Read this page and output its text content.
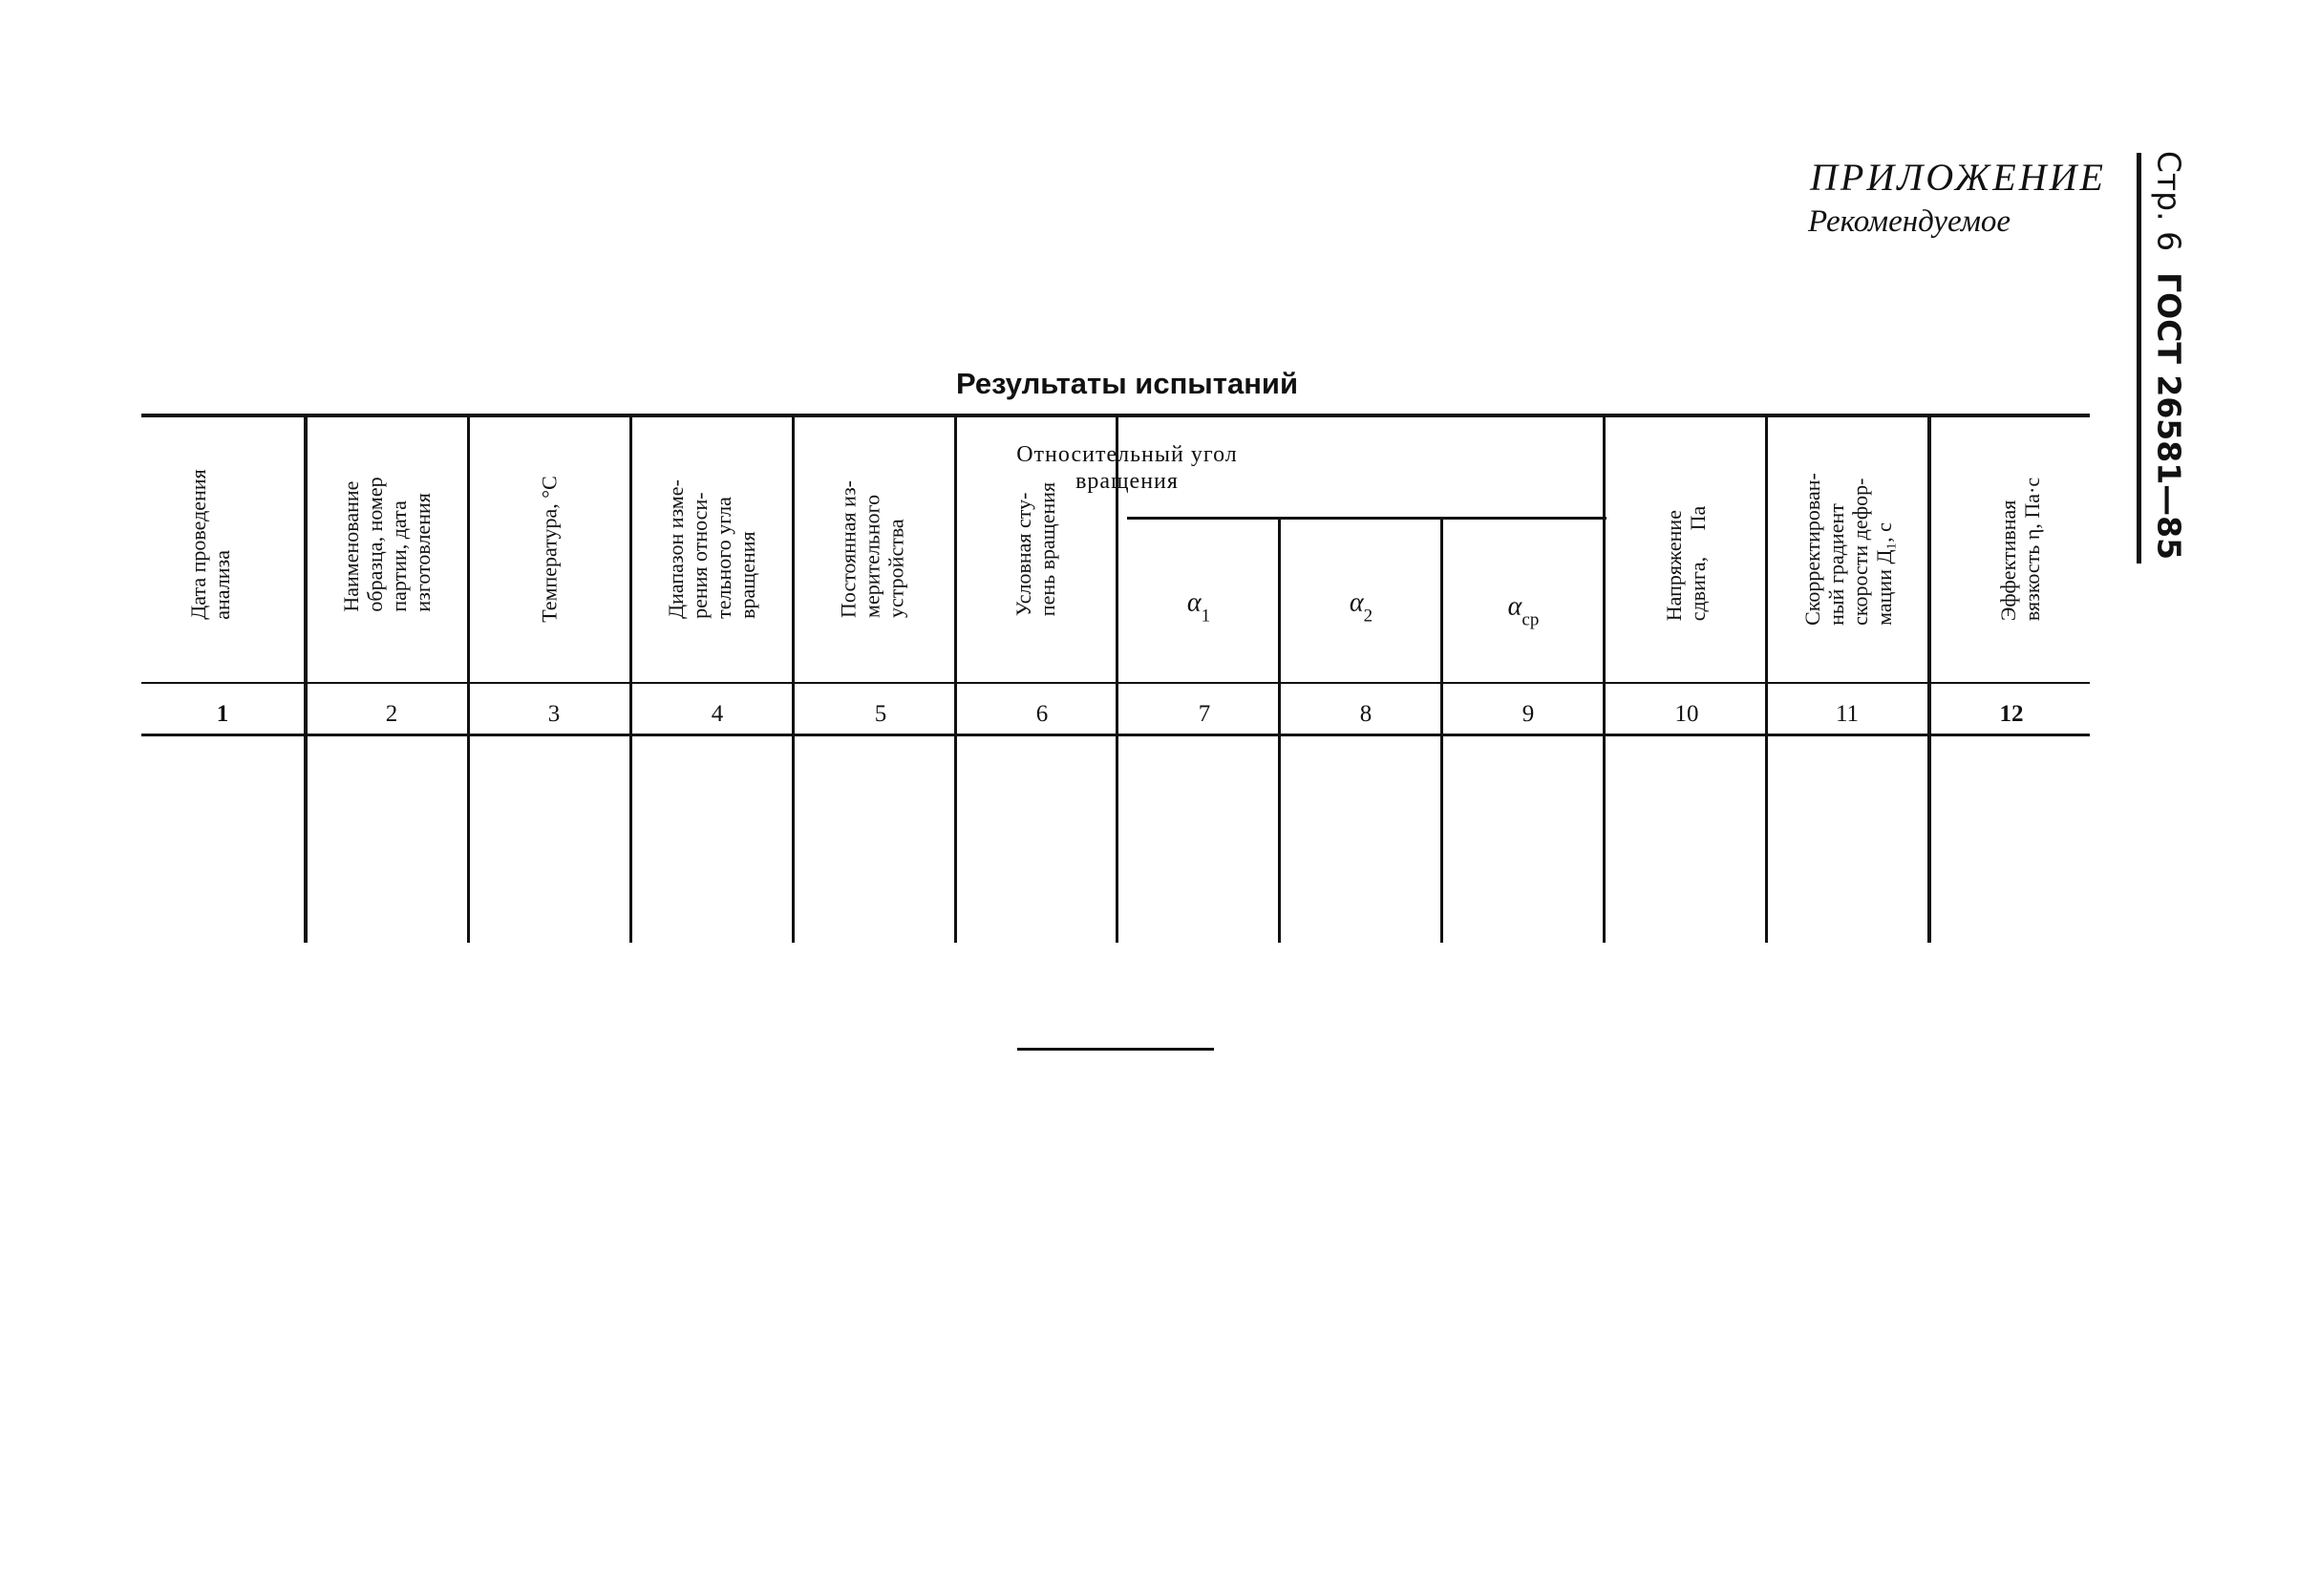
ПРИЛОЖЕНИЕ
Рекомендуемое	Стр. 6ГОСТ 26581—85
Результаты испытаний
Дата проведения
анализа	Наименование
образца, номер
партии, дата
изготовления	Температура, °С	Диапазон изме-
рения относи-
тельного угла
вращения	Постоянная из-
мерительного
устройства	Условная сту-
пень вращения	Напряжение
сдвига,     Па	Скорректирован-
ный градиент
скорости дефор-
мации Д₁, с	Эффективная
вязкость η, Па·с
Относительный угол
вращения
$\alpha_1$	$\alpha_2$	$\alpha_{ср}$
1	2	3	4	5	6	7	8	9	10	11	12
